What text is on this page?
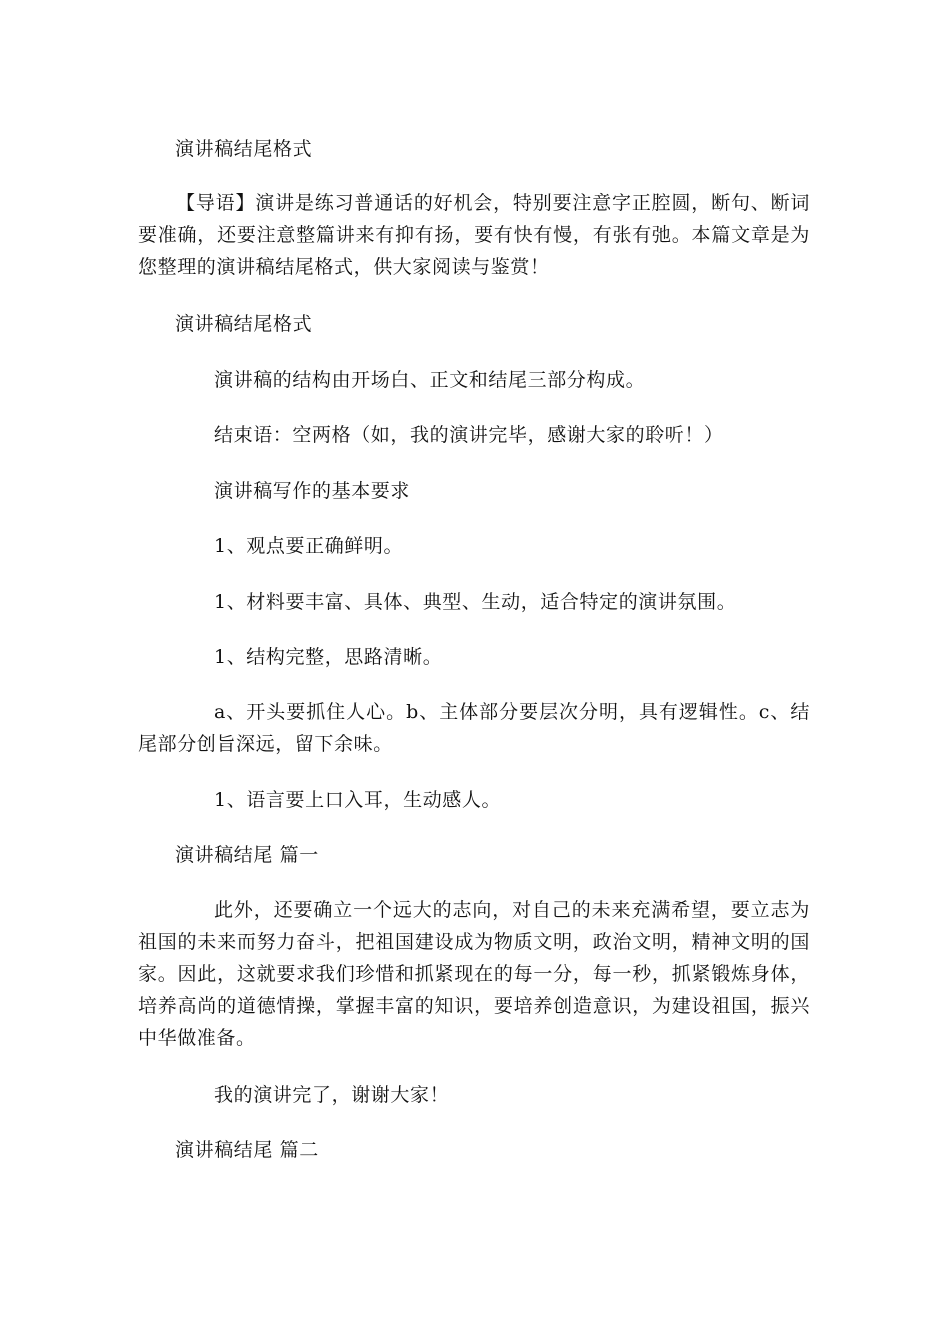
演讲稿结尾格式

【导语】演讲是练习普通话的好机会，特别要注意字正腔圆，断句、断词要准确，还要注意整篇讲来有抑有扬，要有快有慢，有张有弛。本篇文章是为您整理的演讲稿结尾格式，供大家阅读与鉴赏！

演讲稿结尾格式

演讲稿的结构由开场白、正文和结尾三部分构成。

结束语：空两格（如，我的演讲完毕，感谢大家的聆听！）

演讲稿写作的基本要求

1、观点要正确鲜明。

1、材料要丰富、具体、典型、生动，适合特定的演讲氛围。

1、结构完整，思路清晰。

a、开头要抓住人心。b、主体部分要层次分明，具有逻辑性。c、结尾部分创旨深远，留下余味。

1、语言要上口入耳，生动感人。

演讲稿结尾 篇一

此外，还要确立一个远大的志向，对自己的未来充满希望，要立志为祖国的未来而努力奋斗，把祖国建设成为物质文明，政治文明，精神文明的国家。因此，这就要求我们珍惜和抓紧现在的每一分，每一秒，抓紧锻炼身体，培养高尚的道德情操，掌握丰富的知识，要培养创造意识，为建设祖国，振兴中华做准备。

我的演讲完了，谢谢大家！

演讲稿结尾 篇二
